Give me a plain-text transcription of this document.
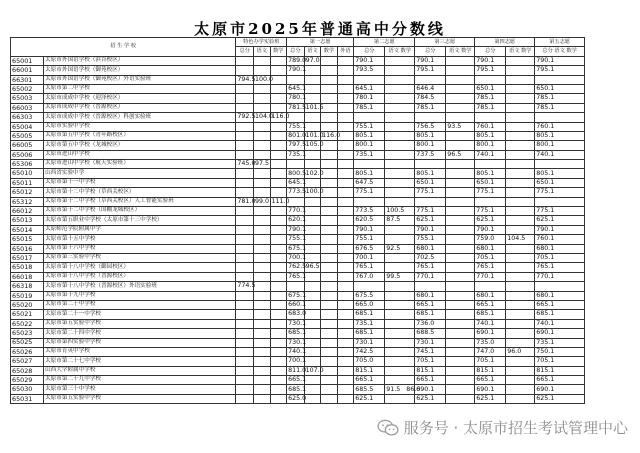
太原市2025年普通高中分数线
招 生 学 校		特色办学实验班			第一志愿				第二志愿		第三志愿		第四志愿		第五志愿
		总分	语文	数学	总分	语文	数学	外语	总分	语文 数学	总分	语文 数学	总分	语文 数学	总分 语文 数学
65001	太原市外国语学校（滨谷校区）				789.0	97.0			790.1		790.1		790.1		790.1
66001	太原市外国语学校（御苑校区）				790.1				793.5		795.1		795.1		795.1
66301	太原市外国语学校（御苑校区）外语实验班	794.5	100.0												
65002	太原市第二中学校				645.1				645.1		646.4		650.1		650.1
65003	太原市成成中学校（迎泽校区）				780.1				780.1		784.5		785.1		785.1
66003	太原市成成中学校（晋源校区）				781.5	101.5			785.1		785.1		785.1		785.1
66303	太原市成成中学校（晋源校区）科创实验班	792.5	104.0	116.0											
65004	太原市实验中学校				755.1				755.1		756.5	93.5	760.1		760.1
65005	太原市第五中学校（青年路校区）				801.0	101.0	116.0		805.1		805.1		805.1		805.1
66005	太原市第五中学校（龙城校区）				797.5	105.0			800.1		800.1		800.1		800.1
65006	太原市进山中学校				735.1				735.1		737.5	96.5	740.1		740.1
65306	太原市进山中学校（航天实验班）	745.0	97.5												
65010	山西省实验中学				800.5	102.0			805.1		805.1		805.1		805.1
65011	太原市第十一中学校				645.1				647.5		650.1		650.1		650.1
65012	太原市第十二中学校（草西关校区）				773.5	100.0			775.1		775.1		775.1		775.1
65312	太原市第十二中学校（草西关校区）人工智能实验班	781.0	99.0	111.0											
66012	太原市第十二中学校（国棚龙城校区）				770.1				773.5	100.5	775.1		775.1		775.1
65013	太原市第五职业中学校（太原市第十三中学校）				620.1				620.5	87.5	625.1		625.1		625.1
65014	太原师范学院附属中学				790.1				790.1		790.1		790.1		790.1
65015	太原市第十五中学校				755.1				755.1		755.1		759.0	104.5	760.1
65016	太原市第十六中学校				675.1				676.5	92.5	680.1		680.1		680.1
65017	太原市第三实验中学校				700.1				700.1		702.5		705.1		705.1
65018	太原市第十八中学校（御园校区）				762.5	96.5			765.1		765.1		765.1		765.1
66018	太原市第十八中学校（晋源校区）				765.1				767.0	99.5	770.1		770.1		770.1
66318	太原市第十八中学校（晋源校区）外语实验班	774.5													
65019	太原市第十九中学校				675.1				675.5		680.1		680.1		680.1
65020	太原市第二十中学校				660.1				665.0		665.1		665.1		665.1
65021	太原市第二十一中学校				683.0				685.1		685.1		685.1		685.1
65022	太原市第五实验中学校				730.1				735.1		736.0		740.1		740.1
65023	太原市第二十四中学校				685.1				685.1		688.5		690.1		690.1
65025	太原市第四实验中学校				730.1				730.1		730.1		735.0		735.1
65026	太原市育英中学校				740.1				742.5		745.1		747.0	96.0	750.1
65027	太原市第二十七中学校				700.1				705.0		705.1		705.1		705.1
65028	山西大学附属中学校				811.0	107.0			815.1		815.1		815.1		815.1
65029	太原市第二十九中学校				665.1				665.1		665.1		665.1		665.1
65030	太原市第三十中学校				685.1				685.5	91.5 86.0	690.1		690.1		690.1
65031	太原市第五实验中学校				625.0				625.1		625.1		625.1		625.1
服务号 · 太原市招生考试管理中心
